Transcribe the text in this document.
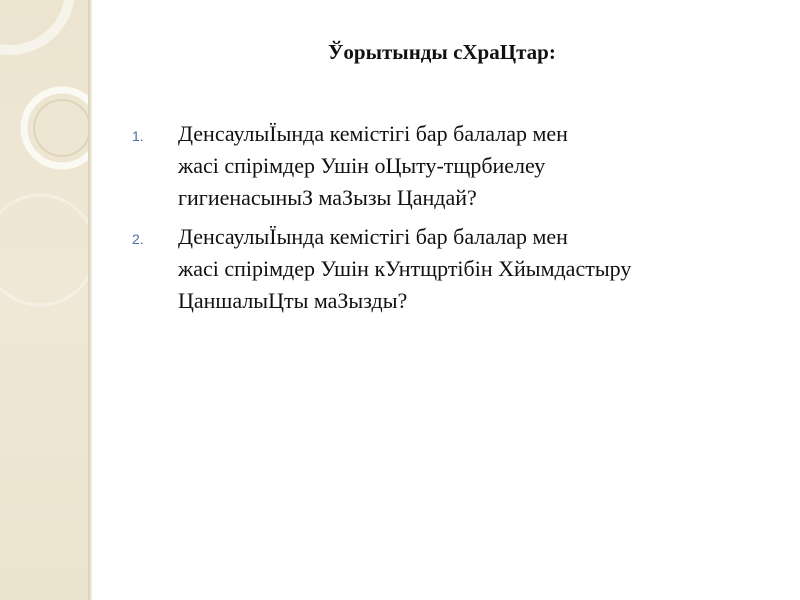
Ўорытынды сХраЦтар:
1. ДенсаулыЇында кемістігі бар балалар мен
жасі спірімдер Ушін оЦыту-тщрбиелеу
гигиенасыныЗ маЗызы Цандай?
2. ДенсаулыЇында кемістігі бар балалар мен
жасі спірімдер Ушін кУнтщртібін Хйымдастыру
ЦаншалыЦты маЗызды?
